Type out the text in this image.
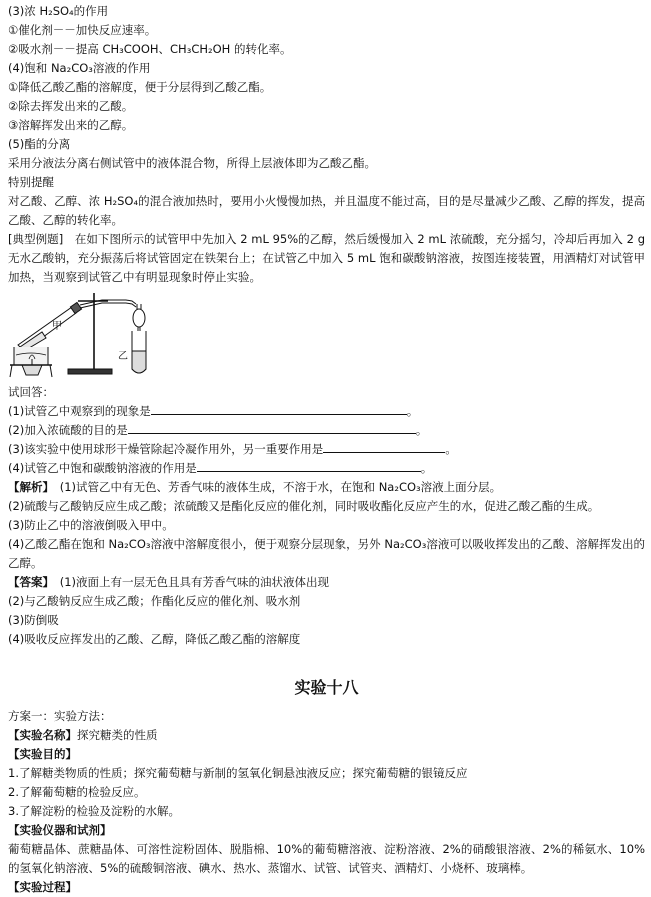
(3)浓 H₂SO₄的作用
①催化剂－－加快反应速率。
②吸水剂－－提高 CH₃COOH、CH₃CH₂OH 的转化率。
(4)饱和 Na₂CO₃溶液的作用
①降低乙酸乙酯的溶解度，便于分层得到乙酸乙酯。
②除去挥发出来的乙酸。
③溶解挥发出来的乙醇。
(5)酯的分离
采用分液法分离右侧试管中的液体混合物，所得上层液体即为乙酸乙酯。
特别提醒
对乙酸、乙醇、浓 H₂SO₄的混合液加热时，要用小火慢慢加热，并且温度不能过高，目的是尽量减少乙酸、乙醇的挥发，提高乙酸、乙醇的转化率。
[典型例题]　在如下图所示的试管甲中先加入 2 mL 95%的乙醇，然后缓慢加入 2 mL 浓硫酸，充分摇匀，冷却后再加入 2 g 无水乙酸钠，充分振荡后将试管固定在铁架台上；在试管乙中加入 5 mL 饱和碳酸钠溶液，按图连接装置，用酒精灯对试管甲加热，当观察到试管乙中有明显现象时停止实验。
甲
乙
试回答：
(1)试管乙中观察到的现象是	。
(2)加入浓硫酸的目的是	。
(3)该实验中使用球形干燥管除起冷凝作用外，另一重要作用是	。
(4)试管乙中饱和碳酸钠溶液的作用是	。
【解析】　(1)试管乙中有无色、芳香气味的液体生成，不溶于水，在饱和 Na₂CO₃溶液上面分层。
(2)硫酸与乙酸钠反应生成乙酸；浓硫酸又是酯化反应的催化剂，同时吸收酯化反应产生的水，促进乙酸乙酯的生成。
(3)防止乙中的溶液倒吸入甲中。
(4)乙酸乙酯在饱和 Na₂CO₃溶液中溶解度很小，便于观察分层现象，另外 Na₂CO₃溶液可以吸收挥发出的乙酸、溶解挥发出的乙醇。
【答案】　(1)液面上有一层无色且具有芳香气味的油状液体出现
(2)与乙酸钠反应生成乙酸；作酯化反应的催化剂、吸水剂
(3)防倒吸
(4)吸收反应挥发出的乙酸、乙醇，降低乙酸乙酯的溶解度
实验十八
方案一：实验方法：
【实验名称】探究糖类的性质
【实验目的】
1.了解糖类物质的性质；探究葡萄糖与新制的氢氧化铜悬浊液反应；探究葡萄糖的银镜反应
2.了解葡萄糖的检验反应。
3.了解淀粉的检验及淀粉的水解。
【实验仪器和试剂】
葡萄糖晶体、蔗糖晶体、可溶性淀粉固体、脱脂棉、10%的葡萄糖溶液、淀粉溶液、2%的硝酸银溶液、2%的稀氨水、10%的氢氧化钠溶液、5%的硫酸铜溶液、碘水、热水、蒸馏水、试管、试管夹、酒精灯、小烧杯、玻璃棒。
【实验过程】
